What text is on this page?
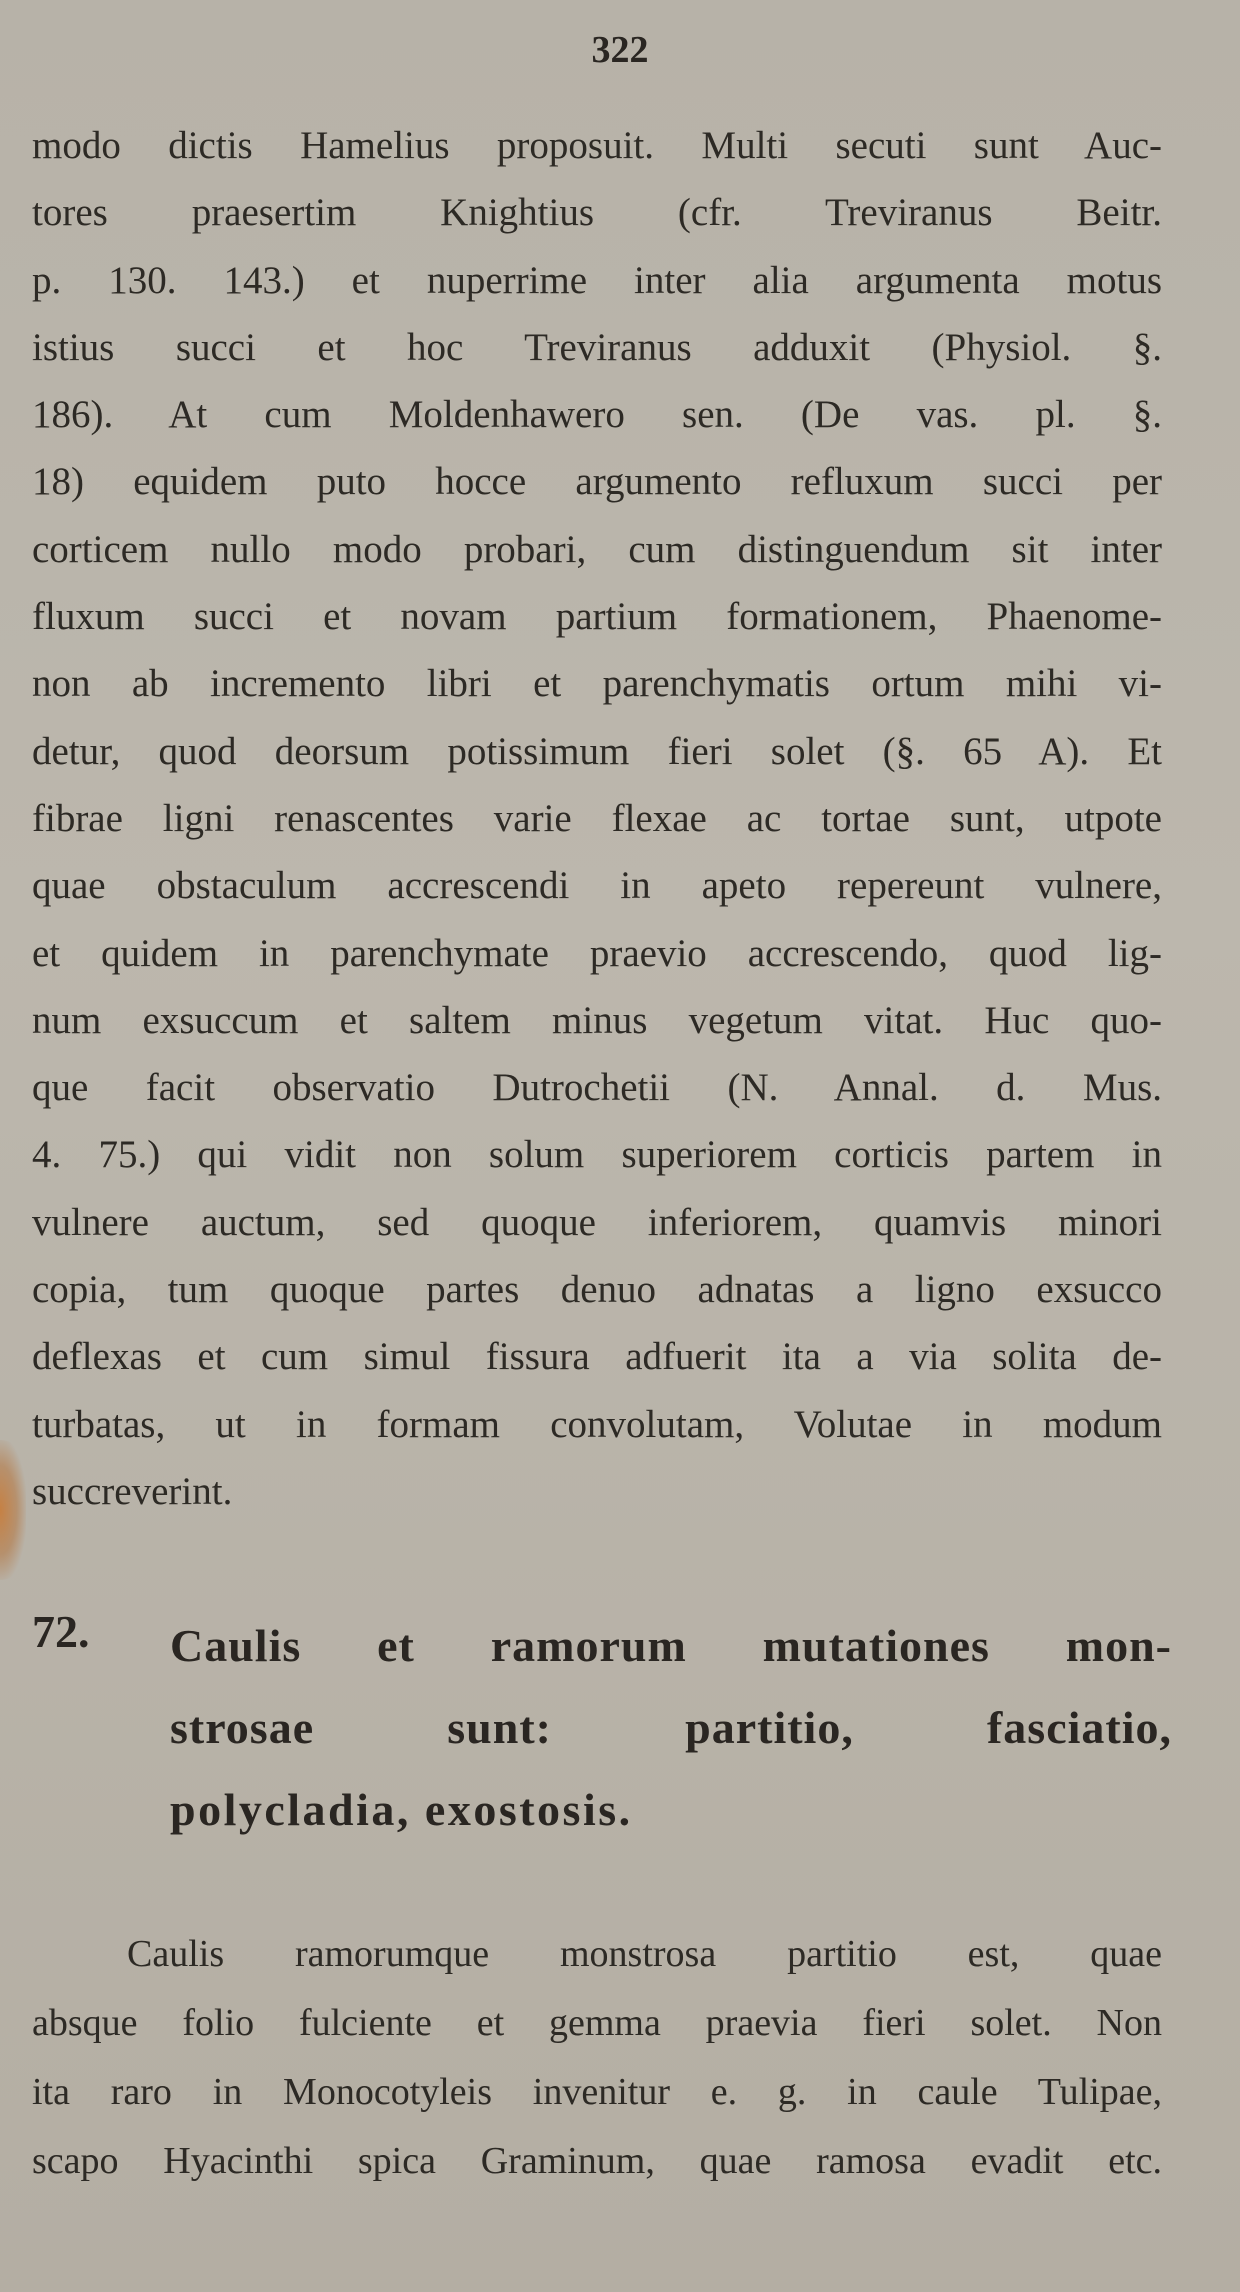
322
modo dictis Hamelius proposuit. Multi secuti sunt Auc-
tores praesertim Knightius (cfr. Treviranus Beitr.
p. 130. 143.) et nuperrime inter alia argumenta motus
istius succi et hoc Treviranus adduxit (Physiol. §.
186). At cum Moldenhawero sen. (De vas. pl. §.
18) equidem puto hocce argumento refluxum succi per
corticem nullo modo probari, cum distinguendum sit inter
fluxum succi et novam partium formationem, Phaenome-
non ab incremento libri et parenchymatis ortum mihi vi-
detur, quod deorsum potissimum fieri solet (§. 65 A). Et
fibrae ligni renascentes varie flexae ac tortae sunt, utpote
quae obstaculum accrescendi in apeto repereunt vulnere,
et quidem in parenchymate praevio accrescendo, quod lig-
num exsuccum et saltem minus vegetum vitat. Huc quo-
que facit observatio Dutrochetii (N. Annal. d. Mus.
4. 75.) qui vidit non solum superiorem corticis partem in
vulnere auctum, sed quoque inferiorem, quamvis minori
copia, tum quoque partes denuo adnatas a ligno exsucco
deflexas et cum simul fissura adfuerit ita a via solita de-
turbatas, ut in formam convolutam, Volutae in modum
succreverint.
72.	Caulis et ramorum mutationes mon-
strosae sunt: partitio, fasciatio,
polycladia, exostosis.
Caulis ramorumque monstrosa partitio est, quae
absque folio fulciente et gemma praevia fieri solet. Non
ita raro in Monocotyleis invenitur e. g. in caule Tulipae,
scapo Hyacinthi spica Graminum, quae ramosa evadit etc.
